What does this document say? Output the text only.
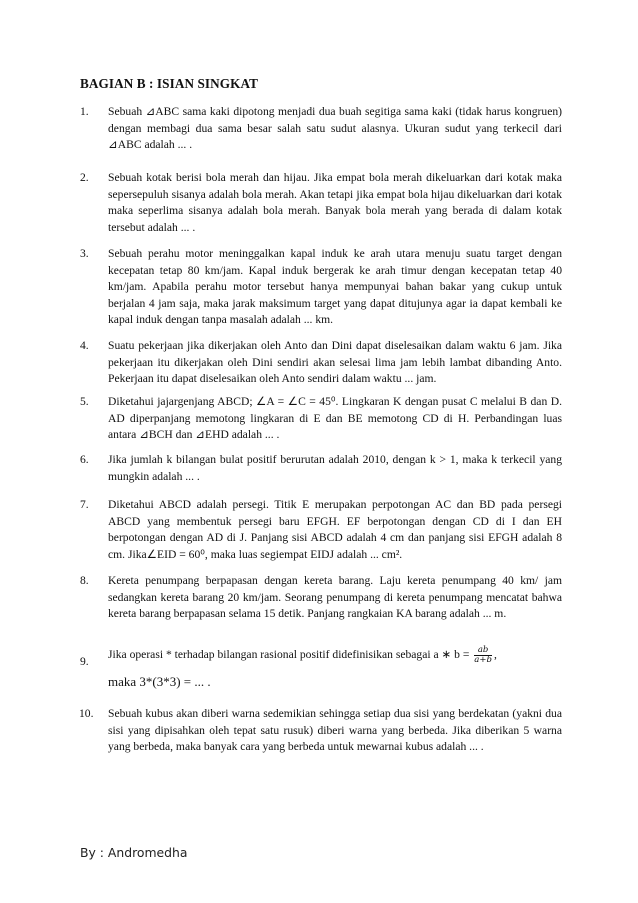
BAGIAN B : ISIAN SINGKAT
1. Sebuah ⊿ABC sama kaki dipotong menjadi dua buah segitiga sama kaki (tidak harus kongruen) dengan membagi dua sama besar salah satu sudut alasnya. Ukuran sudut yang terkecil dari ⊿ABC adalah ... .
2. Sebuah kotak berisi bola merah dan hijau. Jika empat bola merah dikeluarkan dari kotak maka sepersepuluh sisanya adalah bola merah. Akan tetapi jika empat bola hijau dikeluarkan dari kotak maka seperlima sisanya adalah bola merah. Banyak bola merah yang berada di dalam kotak tersebut adalah ... .
3. Sebuah perahu motor meninggalkan kapal induk ke arah utara menuju suatu target dengan kecepatan tetap 80 km/jam. Kapal induk bergerak ke arah timur dengan kecepatan tetap 40 km/jam. Apabila perahu motor tersebut hanya mempunyai bahan bakar yang cukup untuk berjalan 4 jam saja, maka jarak maksimum target yang dapat ditujunya agar ia dapat kembali ke kapal induk dengan tanpa masalah adalah ... km.
4. Suatu pekerjaan jika dikerjakan oleh Anto dan Dini dapat diselesaikan dalam waktu 6 jam. Jika pekerjaan itu dikerjakan oleh Dini sendiri akan selesai lima jam lebih lambat dibanding Anto. Pekerjaan itu dapat diselesaikan oleh Anto sendiri dalam waktu ... jam.
5. Diketahui jajargenjang ABCD; ∠A = ∠C = 45⁰. Lingkaran K dengan pusat C melalui B dan D. AD diperpanjang memotong lingkaran di E dan BE memotong CD di H. Perbandingan luas antara ⊿BCH dan ⊿EHD adalah ... .
6. Jika jumlah k bilangan bulat positif berurutan adalah 2010, dengan k > 1, maka k terkecil yang mungkin adalah ... .
7. Diketahui ABCD adalah persegi. Titik E merupakan perpotongan AC dan BD pada persegi ABCD yang membentuk persegi baru EFGH. EF berpotongan dengan CD di I dan EH berpotongan dengan AD di J. Panjang sisi ABCD adalah 4 cm dan panjang sisi EFGH adalah 8 cm. Jika∠EID = 60⁰, maka luas segiempat EIDJ adalah ... cm².
8. Kereta penumpang berpapasan dengan kereta barang. Laju kereta penumpang 40 km/ jam sedangkan kereta barang 20 km/jam. Seorang penumpang di kereta penumpang mencatat bahwa kereta barang berpapasan selama 15 detik. Panjang rangkaian KA barang adalah ... m.
9.
Jika operasi * terhadap bilangan rasional positif didefinisikan sebagai a ∗ $b = \frac{ab}{a+b}$ ,
maka 3*(3*3) = ... .
10. Sebuah kubus akan diberi warna sedemikian sehingga setiap dua sisi yang berdekatan (yakni dua sisi yang dipisahkan oleh tepat satu rusuk) diberi warna yang berbeda. Jika diberikan 5 warna yang berbeda, maka banyak cara yang berbeda untuk mewarnai kubus adalah ... .
By : Andromedha
